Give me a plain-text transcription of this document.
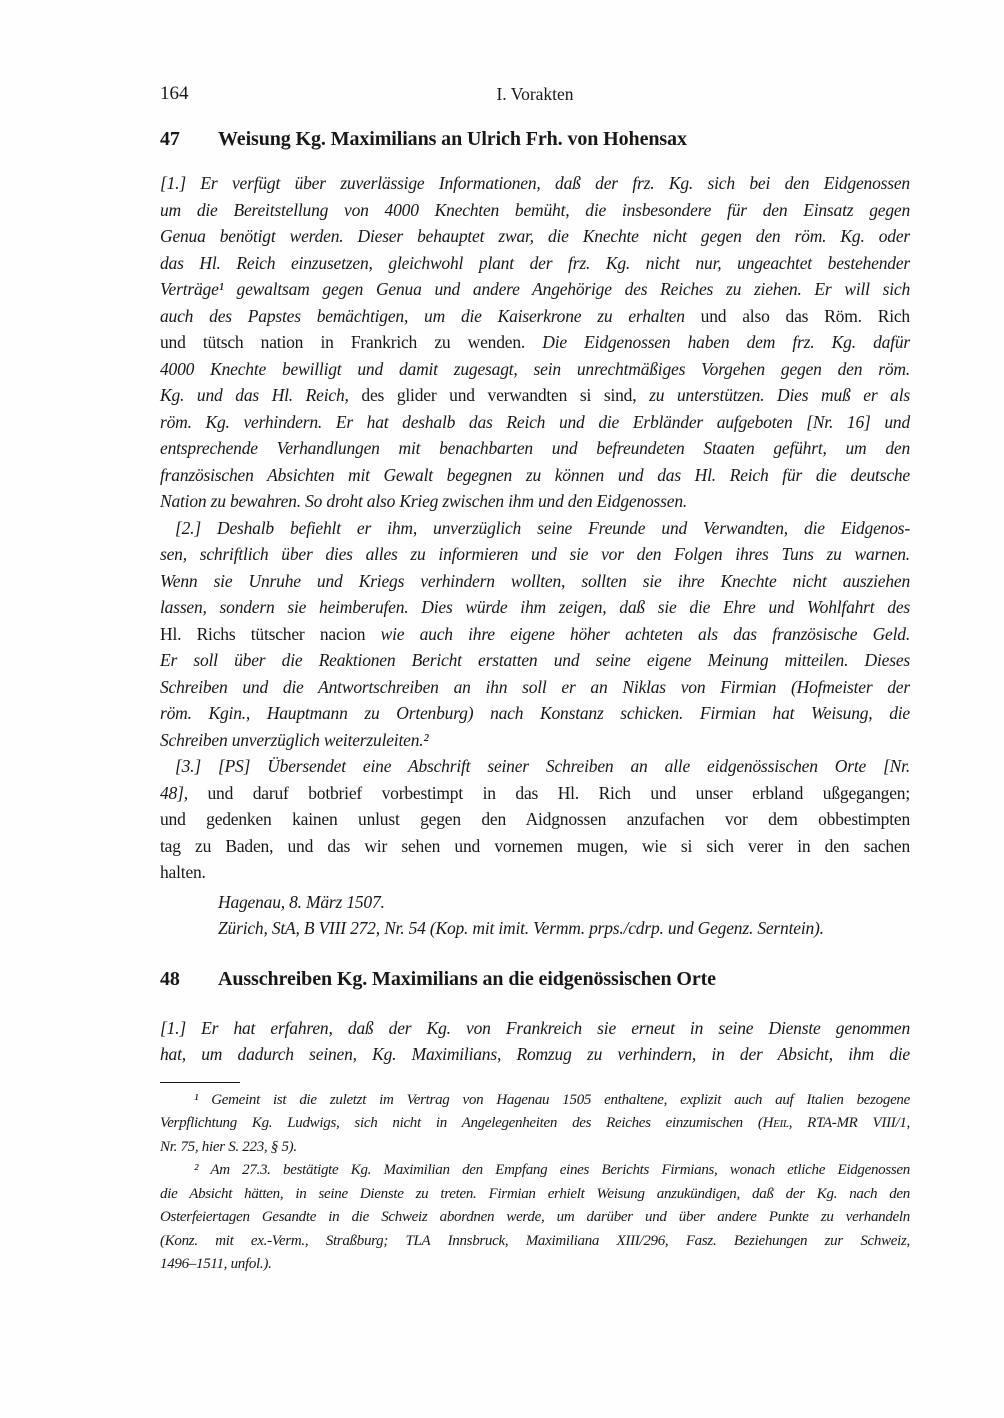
164	I. Vorakten
47	Weisung Kg. Maximilians an Ulrich Frh. von Hohensax
[1.] Er verfügt über zuverlässige Informationen, daß der frz. Kg. sich bei den Eidgenossen
um die Bereitstellung von 4000 Knechten bemüht, die insbesondere für den Einsatz gegen
Genua benötigt werden. Dieser behauptet zwar, die Knechte nicht gegen den röm. Kg. oder
das Hl. Reich einzusetzen, gleichwohl plant der frz. Kg. nicht nur, ungeachtet bestehender
Verträge¹ gewaltsam gegen Genua und andere Angehörige des Reiches zu ziehen. Er will sich
auch des Papstes bemächtigen, um die Kaiserkrone zu erhalten und also das Röm. Rich
und tütsch nation in Frankrich zu wenden. Die Eidgenossen haben dem frz. Kg. dafür
4000 Knechte bewilligt und damit zugesagt, sein unrechtmäßiges Vorgehen gegen den röm.
Kg. und das Hl. Reich, des glider und verwandten si sind, zu unterstützen. Dies muß er als
röm. Kg. verhindern. Er hat deshalb das Reich und die Erbländer aufgeboten [Nr. 16] und
entsprechende Verhandlungen mit benachbarten und befreundeten Staaten geführt, um den
französischen Absichten mit Gewalt begegnen zu können und das Hl. Reich für die deutsche
Nation zu bewahren. So droht also Krieg zwischen ihm und den Eidgenossen.
[2.] Deshalb befiehlt er ihm, unverzüglich seine Freunde und Verwandten, die Eidgenos-
sen, schriftlich über dies alles zu informieren und sie vor den Folgen ihres Tuns zu warnen.
Wenn sie Unruhe und Kriegs verhindern wollten, sollten sie ihre Knechte nicht ausziehen
lassen, sondern sie heimberufen. Dies würde ihm zeigen, daß sie die Ehre und Wohlfahrt des
Hl. Richs tütscher nacion wie auch ihre eigene höher achteten als das französische Geld.
Er soll über die Reaktionen Bericht erstatten und seine eigene Meinung mitteilen. Dieses
Schreiben und die Antwortschreiben an ihn soll er an Niklas von Firmian (Hofmeister der
röm. Kgin., Hauptmann zu Ortenburg) nach Konstanz schicken. Firmian hat Weisung, die
Schreiben unverzüglich weiterzuleiten.²
[3.] [PS] Übersendet eine Abschrift seiner Schreiben an alle eidgenössischen Orte [Nr.
48], und daruf botbrief vorbestimpt in das Hl. Rich und unser erbland ußgegangen;
und gedenken kainen unlust gegen den Aidgnossen anzufachen vor dem obbestimpten
tag zu Baden, und das wir sehen und vornemen mugen, wie si sich verer in den sachen
halten.
Hagenau, 8. März 1507.
Zürich, StA, B VIII 272, Nr. 54 (Kop. mit imit. Vermm. prps./cdrp. und Gegenz. Serntein).
48	Ausschreiben Kg. Maximilians an die eidgenössischen Orte
[1.] Er hat erfahren, daß der Kg. von Frankreich sie erneut in seine Dienste genommen
hat, um dadurch seinen, Kg. Maximilians, Romzug zu verhindern, in der Absicht, ihm die
¹ Gemeint ist die zuletzt im Vertrag von Hagenau 1505 enthaltene, explizit auch auf Italien bezogene
Verpflichtung Kg. Ludwigs, sich nicht in Angelegenheiten des Reiches einzumischen (Heil, RTA-MR VIII/1,
Nr. 75, hier S. 223, § 5).
² Am 27.3. bestätigte Kg. Maximilian den Empfang eines Berichts Firmians, wonach etliche Eidgenossen
die Absicht hätten, in seine Dienste zu treten. Firmian erhielt Weisung anzukündigen, daß der Kg. nach den
Osterfeiertagen Gesandte in die Schweiz abordnen werde, um darüber und über andere Punkte zu verhandeln
(Konz. mit ex.-Verm., Straßburg; TLA Innsbruck, Maximiliana XIII/296, Fasz. Beziehungen zur Schweiz,
1496–1511, unfol.).
